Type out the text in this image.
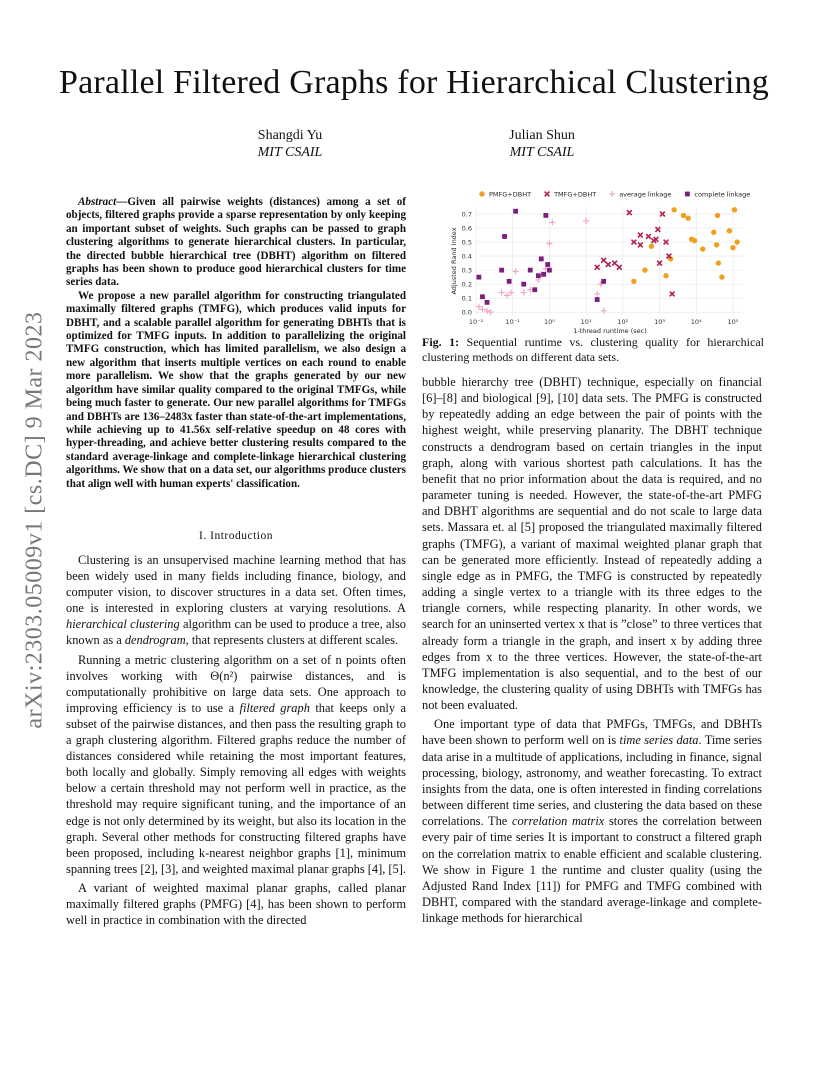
Parallel Filtered Graphs for Hierarchical Clustering
Shangdi Yu
MIT CSAIL
Julian Shun
MIT CSAIL
arXiv:2303.05009v1 [cs.DC] 9 Mar 2023

Abstract—Given all pairwise weights (distances) among a set of objects, filtered graphs provide a sparse representation by only keeping an important subset of weights. Such graphs can be passed to graph clustering algorithms to generate hierarchical clusters. In particular, the directed bubble hierarchical tree (DBHT) algorithm on filtered graphs has been shown to produce good hierarchical clusters for time series data.

We propose a new parallel algorithm for constructing triangulated maximally filtered graphs (TMFG), which produces valid inputs for DBHT, and a scalable parallel algorithm for generating DBHTs that is optimized for TMFG inputs. In addition to parallelizing the original TMFG construction, which has limited parallelism, we also design a new algorithm that inserts multiple vertices on each round to enable more parallelism. We show that the graphs generated by our new algorithm have similar quality compared to the original TMFGs, while being much faster to generate. Our new parallel algorithms for TMFGs and DBHTs are 136–2483x faster than state-of-the-art implementations, while achieving up to 41.56x self-relative speedup on 48 cores with hyper-threading, and achieve better clustering results compared to the standard average-linkage and complete-linkage hierarchical clustering algorithms. We show that on a data set, our algorithms produce clusters that align well with human experts' classification.

I. Introduction

Clustering is an unsupervised machine learning method that has been widely used in many fields including finance, biology, and computer vision, to discover structures in a data set. Often times, one is interested in exploring clusters at varying resolutions. A hierarchical clustering algorithm can be used to produce a tree, also known as a dendrogram, that represents clusters at different scales.

Running a metric clustering algorithm on a set of n points often involves working with Θ(n²) pairwise distances, and is computationally prohibitive on large data sets. One approach to improving efficiency is to use a filtered graph that keeps only a subset of the pairwise distances, and then pass the resulting graph to a graph clustering algorithm. Filtered graphs reduce the number of distances considered while retaining the most important features, both locally and globally. Simply removing all edges with weights below a certain threshold may not perform well in practice, as the threshold may require significant tuning, and the importance of an edge is not only determined by its weight, but also its location in the graph. Several other methods for constructing filtered graphs have been proposed, including k-nearest neighbor graphs [1], minimum spanning trees [2], [3], and weighted maximal planar graphs [4], [5].

A variant of weighted maximal planar graphs, called planar maximally filtered graphs (PMFG) [4], has been shown to perform well in practice in combination with the directed

0.0
0.1
0.2
0.3
0.4
0.5
0.6
0.7
10⁻²	10⁻¹	10⁰	10¹	10²	10³	10⁴	10⁵
1-thread runtime (sec)
Adjusted Rand Index
PMFG+DBHT	TMFG+DBHT	average linkage	complete linkage
Fig. 1: Sequential runtime vs. clustering quality for hierarchical clustering methods on different data sets.

bubble hierarchy tree (DBHT) technique, especially on financial [6]–[8] and biological [9], [10] data sets. The PMFG is constructed by repeatedly adding an edge between the pair of points with the highest weight, while preserving planarity. The DBHT technique constructs a dendrogram based on certain triangles in the input graph, along with various shortest path calculations. It has the benefit that no prior information about the data is required, and no parameter tuning is needed. However, the state-of-the-art PMFG and DBHT algorithms are sequential and do not scale to large data sets. Massara et. al [5] proposed the triangulated maximally filtered graphs (TMFG), a variant of maximal weighted planar graph that can be generated more efficiently. Instead of repeatedly adding a single edge as in PMFG, the TMFG is constructed by repeatedly adding a single vertex to a triangle with its three edges to the triangle corners, while respecting planarity. In other words, we search for an uninserted vertex x that is ”close” to three vertices that already form a triangle in the graph, and insert x by adding three edges from x to the three vertices. However, the state-of-the-art TMFG implementation is also sequential, and to the best of our knowledge, the clustering quality of using DBHTs with TMFGs has not been evaluated.

One important type of data that PMFGs, TMFGs, and DBHTs have been shown to perform well on is time series data. Time series data arise in a multitude of applications, including in finance, signal processing, biology, astronomy, and weather forecasting. To extract insights from the data, one is often interested in finding correlations between different time series, and clustering the data based on these correlations. The correlation matrix stores the correlation between every pair of time series It is important to construct a filtered graph on the correlation matrix to enable efficient and scalable clustering. We show in Figure 1 the runtime and cluster quality (using the Adjusted Rand Index [11]) for PMFG and TMFG combined with DBHT, compared with the standard average-linkage and complete-linkage methods for hierarchical
